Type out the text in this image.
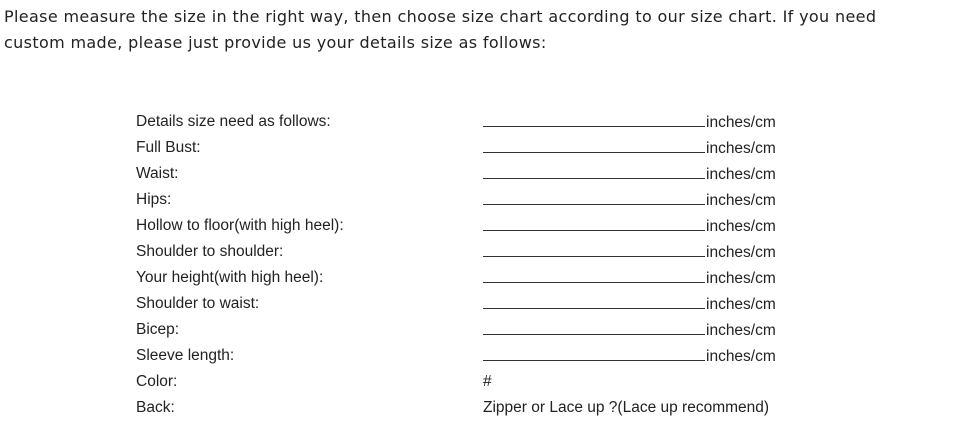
Please measure the size in the right way, then choose size chart according to our size chart. If you need
custom made, please just provide us your details size as follows:

Details size need as follows:	inches/cm
Full Bust:	inches/cm
Waist:	inches/cm
Hips:	inches/cm
Hollow to floor(with high heel):	inches/cm
Shoulder to shoulder:	inches/cm
Your height(with high heel):	inches/cm
Shoulder to waist:	inches/cm
Bicep:	inches/cm
Sleeve length:	inches/cm
Color:	#
Back:	Zipper or Lace up ?(Lace up recommend)
